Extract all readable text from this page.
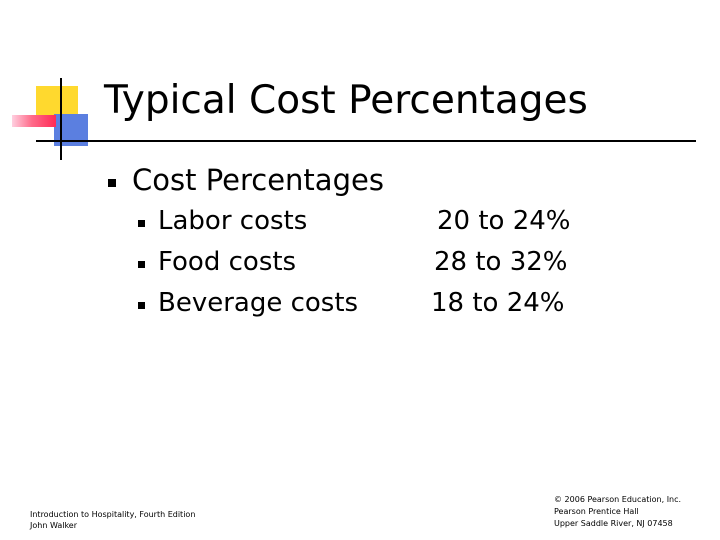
Typical Cost Percentages
Cost Percentages
Labor costs	20 to 24%
Food costs	28 to 32%
Beverage costs	18 to 24%
Introduction to Hospitality, Fourth Edition
John Walker
© 2006 Pearson Education, Inc.
Pearson Prentice Hall
Upper Saddle River, NJ 07458
